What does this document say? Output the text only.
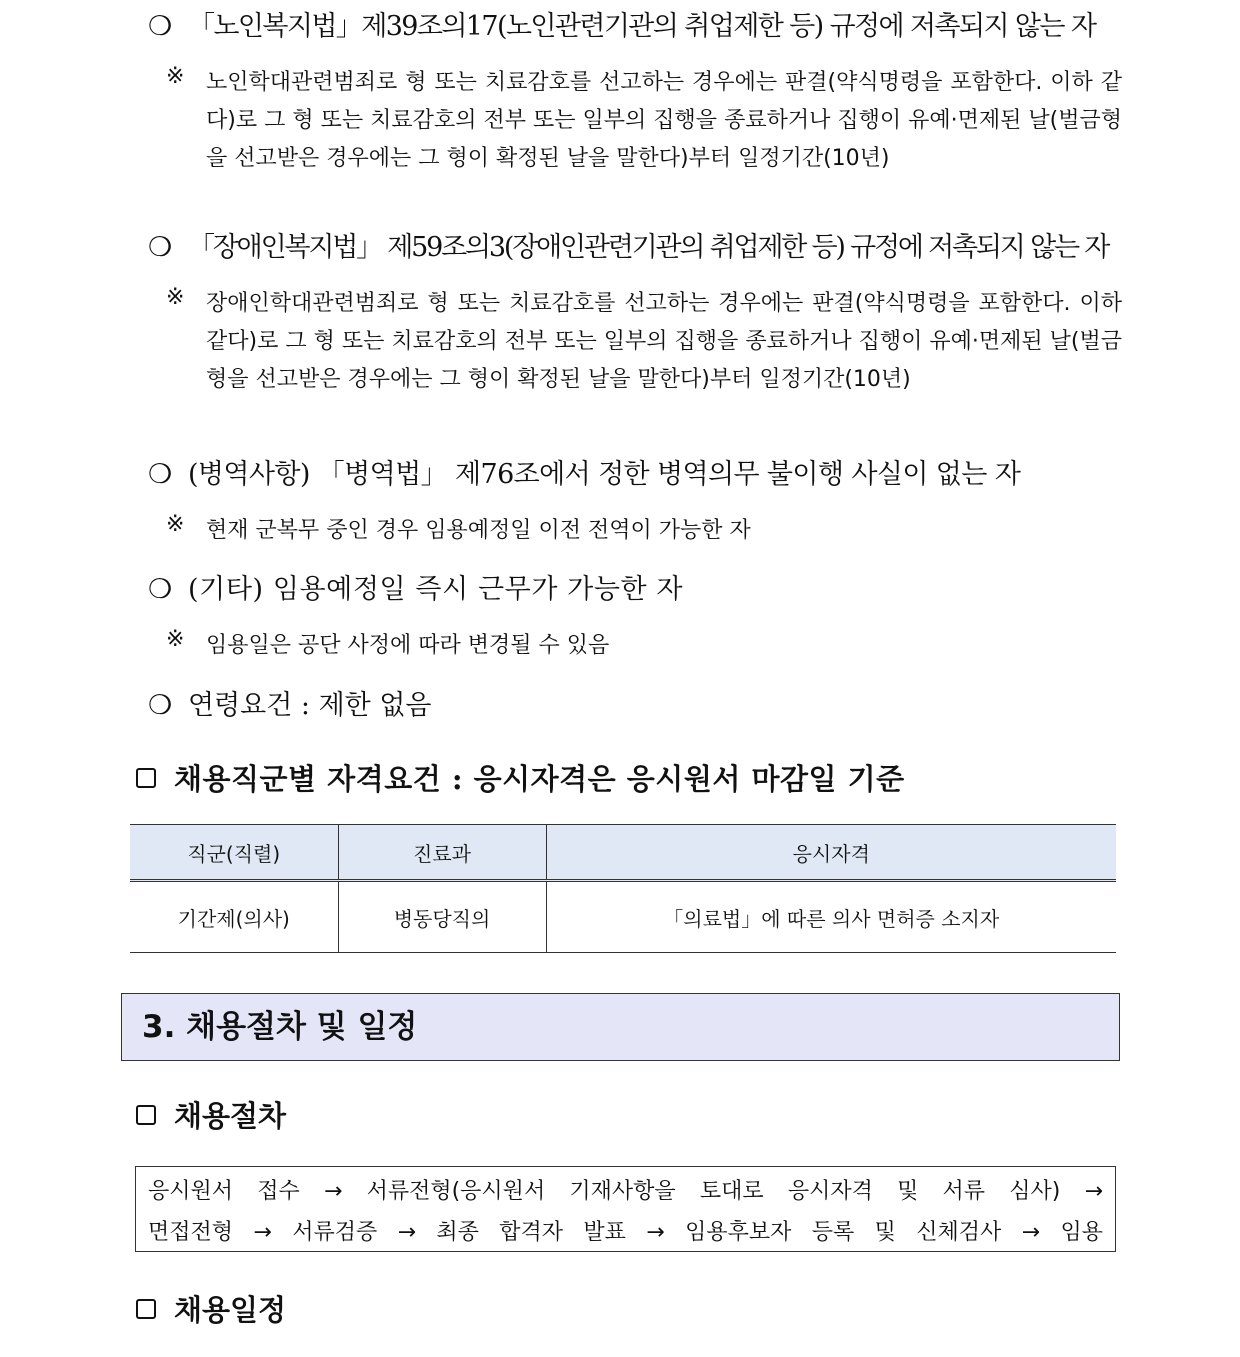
❍ 「노인복지법」제39조의17(노인관련기관의 취업제한 등) 규정에 저촉되지 않는 자
※ 노인학대관련범죄로 형 또는 치료감호를 선고하는 경우에는 판결(약식명령을 포함한다. 이하 같다)로 그 형 또는 치료감호의 전부 또는 일부의 집행을 종료하거나 집행이 유예·면제된 날(벌금형을 선고받은 경우에는 그 형이 확정된 날을 말한다)부터 일정기간(10년)
❍ 「장애인복지법」 제59조의3(장애인관련기관의 취업제한 등) 규정에 저촉되지 않는 자
※ 장애인학대관련범죄로 형 또는 치료감호를 선고하는 경우에는 판결(약식명령을 포함한다. 이하 같다)로 그 형 또는 치료감호의 전부 또는 일부의 집행을 종료하거나 집행이 유예·면제된 날(벌금형을 선고받은 경우에는 그 형이 확정된 날을 말한다)부터 일정기간(10년)
❍ (병역사항) 「병역법」 제76조에서 정한 병역의무 불이행 사실이 없는 자
※ 현재 군복무 중인 경우 임용예정일 이전 전역이 가능한 자
❍ (기타) 임용예정일 즉시 근무가 가능한 자
※ 임용일은 공단 사정에 따라 변경될 수 있음
❍ 연령요건 : 제한 없음
채용직군별 자격요건 : 응시자격은 응시원서 마감일 기준
직군(직렬)	진료과	응시자격
기간제(의사)	병동당직의	「의료법」에 따른 의사 면허증 소지자
3. 채용절차 및 일정
채용절차
응시원서 접수 → 서류전형(응시원서 기재사항을 토대로 응시자격 및 서류 심사) →
면접전형 → 서류검증 → 최종 합격자 발표 → 임용후보자 등록 및 신체검사 → 임용
채용일정
